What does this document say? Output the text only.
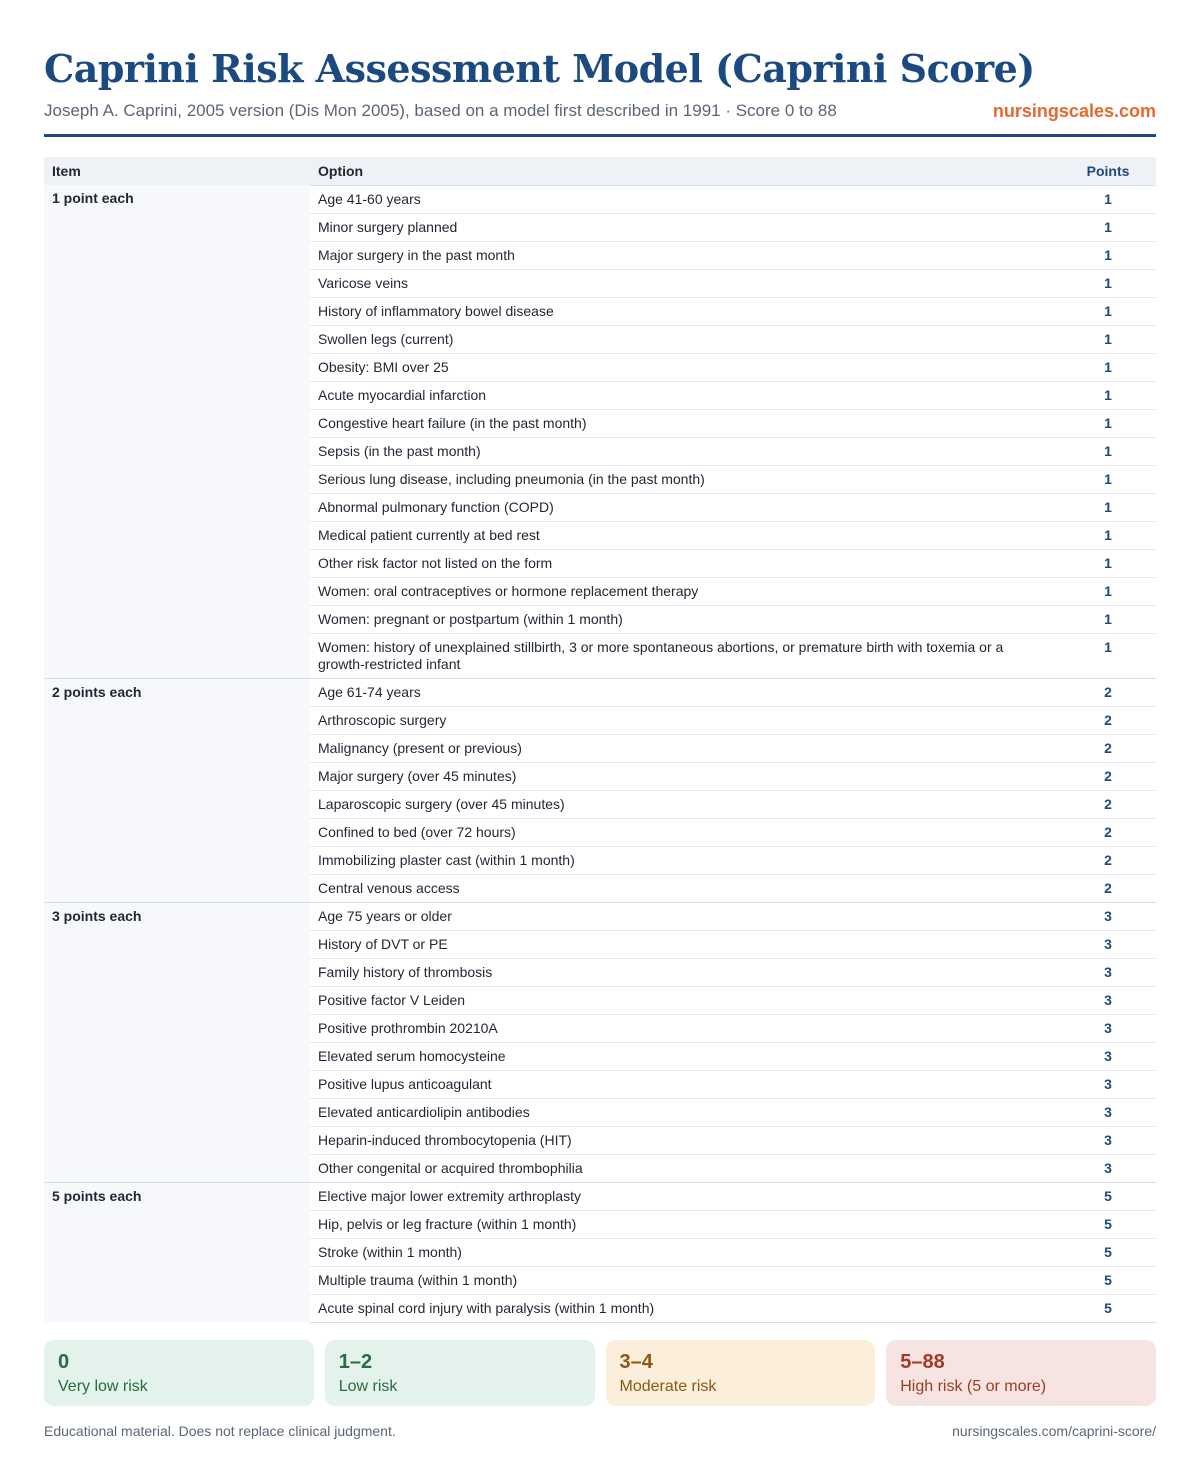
Caprini Risk Assessment Model (Caprini Score)
Joseph A. Caprini, 2005 version (Dis Mon 2005), based on a model first described in 1991 · Score 0 to 88	nursingscales.com
Item	Option	Points
1 point each	Age 41-60 years	1
	Minor surgery planned	1
	Major surgery in the past month	1
	Varicose veins	1
	History of inflammatory bowel disease	1
	Swollen legs (current)	1
	Obesity: BMI over 25	1
	Acute myocardial infarction	1
	Congestive heart failure (in the past month)	1
	Sepsis (in the past month)	1
	Serious lung disease, including pneumonia (in the past month)	1
	Abnormal pulmonary function (COPD)	1
	Medical patient currently at bed rest	1
	Other risk factor not listed on the form	1
	Women: oral contraceptives or hormone replacement therapy	1
	Women: pregnant or postpartum (within 1 month)	1
	Women: history of unexplained stillbirth, 3 or more spontaneous abortions, or premature birth with toxemia or a growth-restricted infant	1
2 points each	Age 61-74 years	2
	Arthroscopic surgery	2
	Malignancy (present or previous)	2
	Major surgery (over 45 minutes)	2
	Laparoscopic surgery (over 45 minutes)	2
	Confined to bed (over 72 hours)	2
	Immobilizing plaster cast (within 1 month)	2
	Central venous access	2
3 points each	Age 75 years or older	3
	History of DVT or PE	3
	Family history of thrombosis	3
	Positive factor V Leiden	3
	Positive prothrombin 20210A	3
	Elevated serum homocysteine	3
	Positive lupus anticoagulant	3
	Elevated anticardiolipin antibodies	3
	Heparin-induced thrombocytopenia (HIT)	3
	Other congenital or acquired thrombophilia	3
5 points each	Elective major lower extremity arthroplasty	5
	Hip, pelvis or leg fracture (within 1 month)	5
	Stroke (within 1 month)	5
	Multiple trauma (within 1 month)	5
	Acute spinal cord injury with paralysis (within 1 month)	5
0
Very low risk
1–2
Low risk
3–4
Moderate risk
5–88
High risk (5 or more)
Educational material. Does not replace clinical judgment.	nursingscales.com/caprini-score/
